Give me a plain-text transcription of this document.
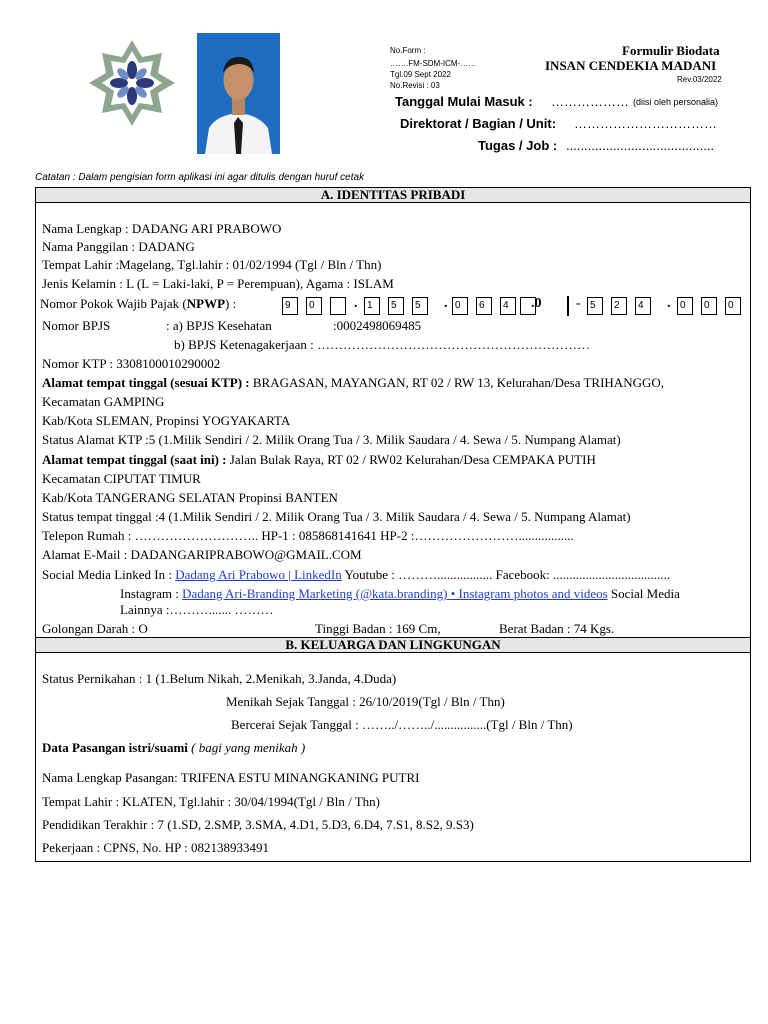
No.Form :
…….FM-SDM-ICM-……
Tgl.09 Sept 2022
No.Revisi : 03
Formulir Biodata
INSAN CENDEKIA MADANI
Rev.03/2022
Tanggal Mulai Masuk : ……………… (diisi oleh personalia)
Direktorat / Bagian / Unit: ……………………………
Tugas / Job : .........................................
Catatan : Dalam pengisian form aplikasi ini agar ditulis dengan huruf cetak
A. IDENTITAS PRIBADI
Nama Lengkap : DADANG ARI PRABOWO
Nama Panggilan : DADANG
Tempat Lahir :Magelang, Tgl.lahir : 01/02/1994 (Tgl / Bln / Thn)
Jenis Kelamin : L (L = Laki-laki, P = Perempuan), Agama : ISLAM
Nomor Pokok Wajib Pajak (NPWP) :	9	0	. 1	5	5	. 0	6	4	.0 - 5	2	4	. 0	0	0
Nomor BPJS	: a) BPJS Kesehatan	:0002498069485
b) BPJS Ketenagakerjaan : ………………………………………………………
Nomor KTP : 3308100010290002
Alamat tempat tinggal (sesuai KTP) : BRAGASAN, MAYANGAN, RT 02 / RW 13, Kelurahan/Desa TRIHANGGO,
Kecamatan GAMPING
Kab/Kota SLEMAN, Propinsi YOGYAKARTA
Status Alamat KTP :5 (1.Milik Sendiri / 2. Milik Orang Tua / 3. Milik Saudara / 4. Sewa / 5. Numpang Alamat)
Alamat tempat tinggal (saat ini) : Jalan Bulak Raya, RT 02 / RW02 Kelurahan/Desa CEMPAKA PUTIH
Kecamatan CIPUTAT TIMUR
Kab/Kota TANGERANG SELATAN Propinsi BANTEN
Status tempat tinggal :4 (1.Milik Sendiri / 2. Milik Orang Tua / 3. Milik Saudara / 4. Sewa / 5. Numpang Alamat)
Telepon Rumah : ……………………….. HP-1 : 085868141641 HP-2 :…………………….................
Alamat E-Mail : DADANGARIPRABOWO@GMAIL.COM
Social Media Linked In : Dadang Ari Prabowo | LinkedIn Youtube : ………................. Facebook: ....................................
Instagram : Dadang Ari-Branding Marketing (@kata.branding) • Instagram photos and videos Social Media
Lainnya :………....... ………
Golongan Darah : O	Tinggi Badan : 169 Cm,	Berat Badan : 74 Kgs.
B. KELUARGA DAN LINGKUNGAN
Status Pernikahan : 1 (1.Belum Nikah, 2.Menikah, 3.Janda, 4.Duda)
Menikah Sejak Tanggal : 26/10/2019(Tgl / Bln / Thn)
Bercerai Sejak Tanggal : ……../……../................(Tgl / Bln / Thn)
Data Pasangan istri/suami ( bagi yang menikah )
Nama Lengkap Pasangan: TRIFENA ESTU MINANGKANING PUTRI
Tempat Lahir : KLATEN, Tgl.lahir : 30/04/1994(Tgl / Bln / Thn)
Pendidikan Terakhir : 7 (1.SD, 2.SMP, 3.SMA, 4.D1, 5.D3, 6.D4, 7.S1, 8.S2, 9.S3)
Pekerjaan : CPNS, No. HP : 082138933491
